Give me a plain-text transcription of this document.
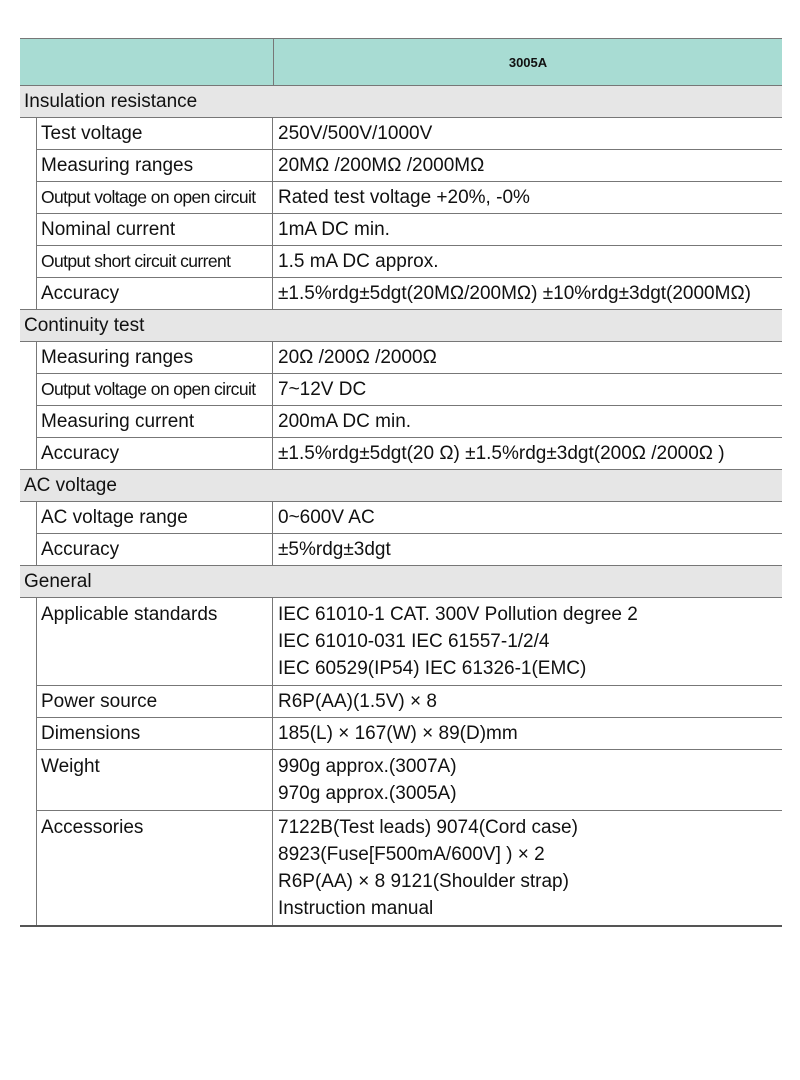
3005A
Insulation resistance
Test voltage	250V/500V/1000V
Measuring ranges	20MΩ /200MΩ /2000MΩ
Output voltage on open circuit	Rated test voltage +20%, -0%
Nominal current	1mA DC min.
Output short circuit current	1.5 mA DC approx.
Accuracy	±1.5%rdg±5dgt(20MΩ/200MΩ) ±10%rdg±3dgt(2000MΩ)
Continuity test
Measuring ranges	20Ω /200Ω /2000Ω
Output voltage on open circuit	7~12V DC
Measuring current	200mA DC min.
Accuracy	±1.5%rdg±5dgt(20 Ω) ±1.5%rdg±3dgt(200Ω /2000Ω )
AC voltage
AC voltage range	0~600V AC
Accuracy	±5%rdg±3dgt
General
Applicable standards	IEC 61010-1 CAT. 300V Pollution degree 2
IEC 61010-031 IEC 61557-1/2/4
IEC 60529(IP54) IEC 61326-1(EMC)
Power source	R6P(AA)(1.5V) × 8
Dimensions	185(L) × 167(W) × 89(D)mm
Weight	990g approx.(3007A)
970g approx.(3005A)
Accessories	7122B(Test leads) 9074(Cord case)
8923(Fuse[F500mA/600V] ) × 2
R6P(AA) × 8 9121(Shoulder strap)
Instruction manual
